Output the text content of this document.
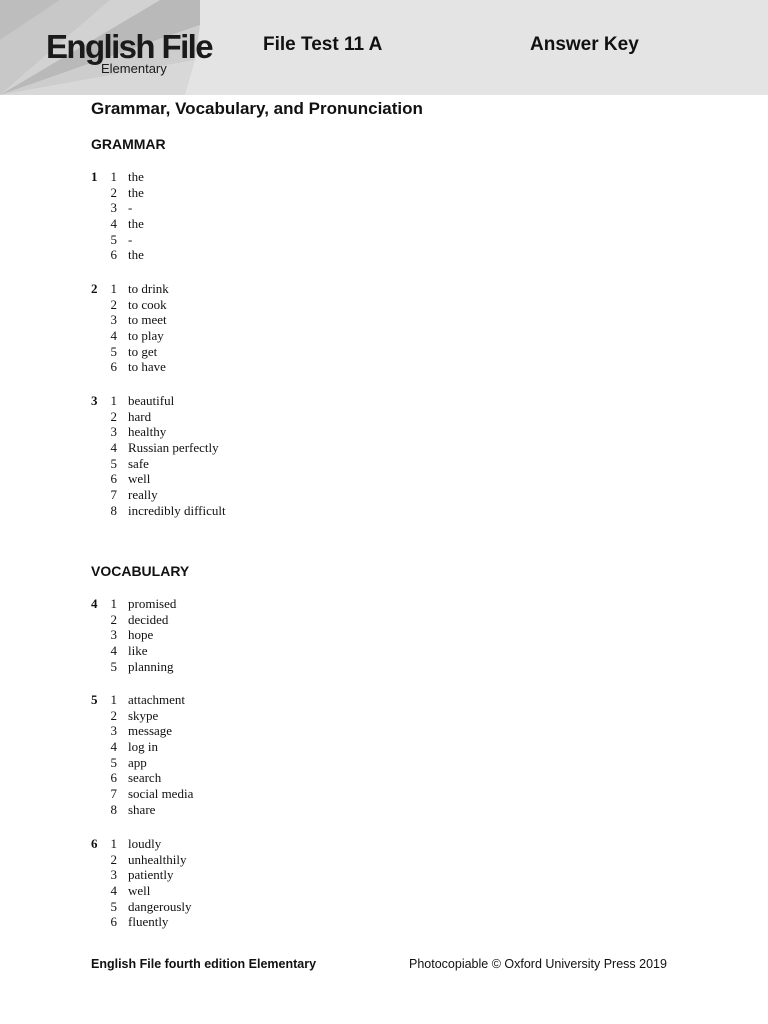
English File
Elementary
File Test 11 A	Answer Key
Grammar, Vocabulary, and Pronunciation
GRAMMAR
1	1 the
2 the
3 -
4 the
5 -
6 the
2	1 to drink
2 to cook
3 to meet
4 to play
5 to get
6 to have
3	1 beautiful
2 hard
3 healthy
4 Russian perfectly
5 safe
6 well
7 really
8 incredibly difficult
VOCABULARY
4	1 promised
2 decided
3 hope
4 like
5 planning
5	1 attachment
2 skype
3 message
4 log in
5 app
6 search
7 social media
8 share
6	1 loudly
2 unhealthily
3 patiently
4 well
5 dangerously
6 fluently
English File fourth edition Elementary	Photocopiable © Oxford University Press 2019
